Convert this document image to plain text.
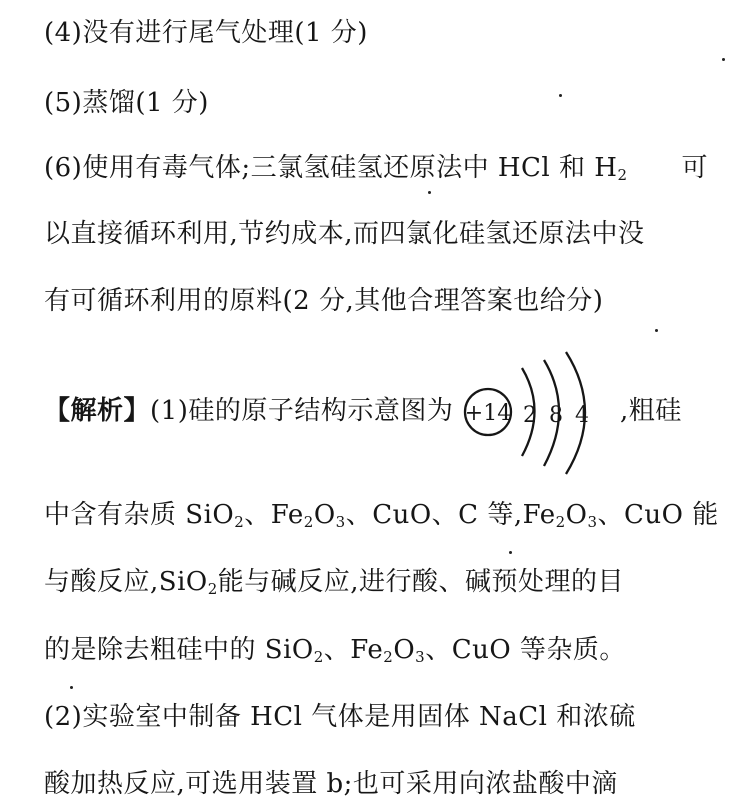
(4)没有进行尾气处理(1 分)
(5)蒸馏(1 分)
(6)使用有毒气体;三氯氢硅氢还原法中 HCl 和 $H_2$ 可
以直接循环利用,节约成本,而四氯化硅氢还原法中没
有可循环利用的原料(2 分,其他合理答案也给分)
【解析】(1)硅的原子结构示意图为	,粗硅
+14 2 8 4
中含有杂质 SiO$_2$、$Fe_2O_3$、CuO、C 等$,Fe_2O_3$、CuO 能
与酸反应,SiO$_2$能与碱反应,进行酸、碱预处理的目
的是除去粗硅中的 SiO$_2$、$Fe_2O_3$、CuO 等杂质。
(2)实验室中制备 HCl 气体是用固体 NaCl 和浓硫
酸加热反应,可选用装置 b;也可采用向浓盐酸中滴
